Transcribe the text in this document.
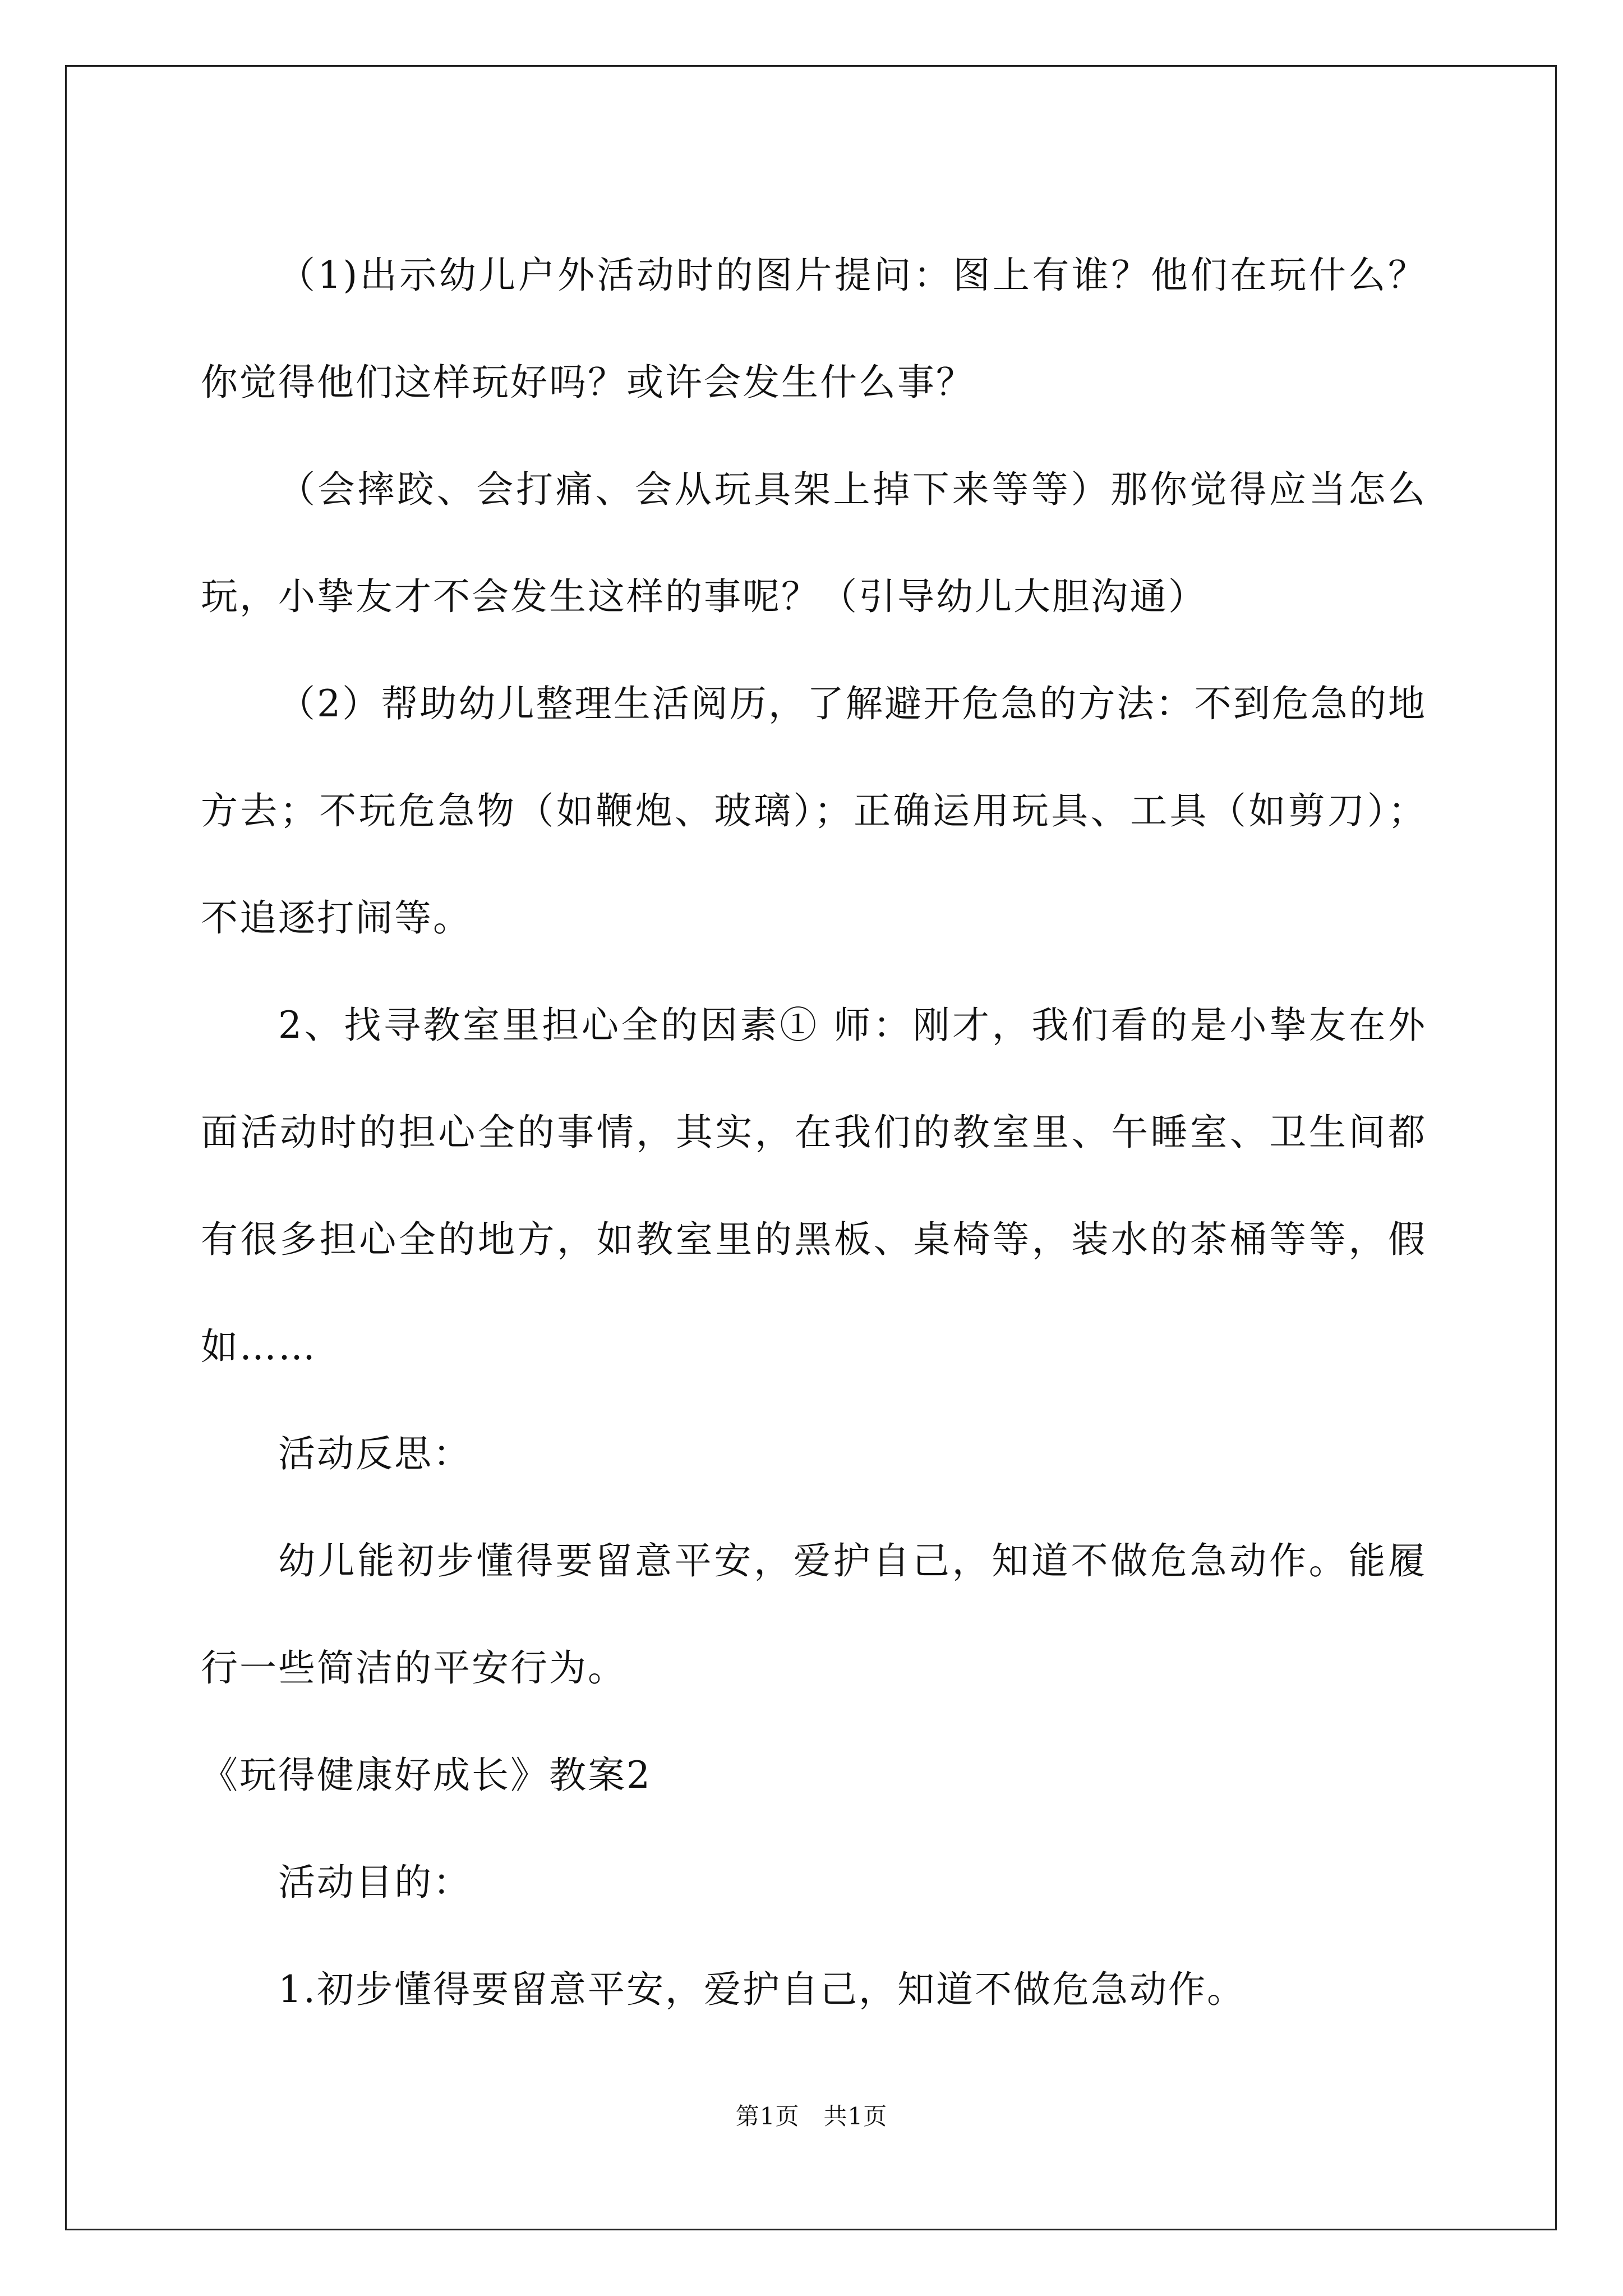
（1)出示幼儿户外活动时的图片提问：图上有谁？他们在玩什么？你觉得他们这样玩好吗？或许会发生什么事？

（会摔跤、会打痛、会从玩具架上掉下来等等）那你觉得应当怎么玩，小挚友才不会发生这样的事呢？（引导幼儿大胆沟通）

（2）帮助幼儿整理生活阅历，了解避开危急的方法：不到危急的地方去；不玩危急物（如鞭炮、玻璃）；正确运用玩具、工具（如剪刀）；不追逐打闹等。

2、找寻教室里担心全的因素① 师：刚才，我们看的是小挚友在外面活动时的担心全的事情，其实，在我们的教室里、午睡室、卫生间都有很多担心全的地方，如教室里的黑板、桌椅等，装水的茶桶等等，假如……

活动反思：

幼儿能初步懂得要留意平安，爱护自己，知道不做危急动作。能履行一些简洁的平安行为。

《玩得健康好成长》教案2

活动目的：

1.初步懂得要留意平安，爱护自己，知道不做危急动作。

第1页　共1页
